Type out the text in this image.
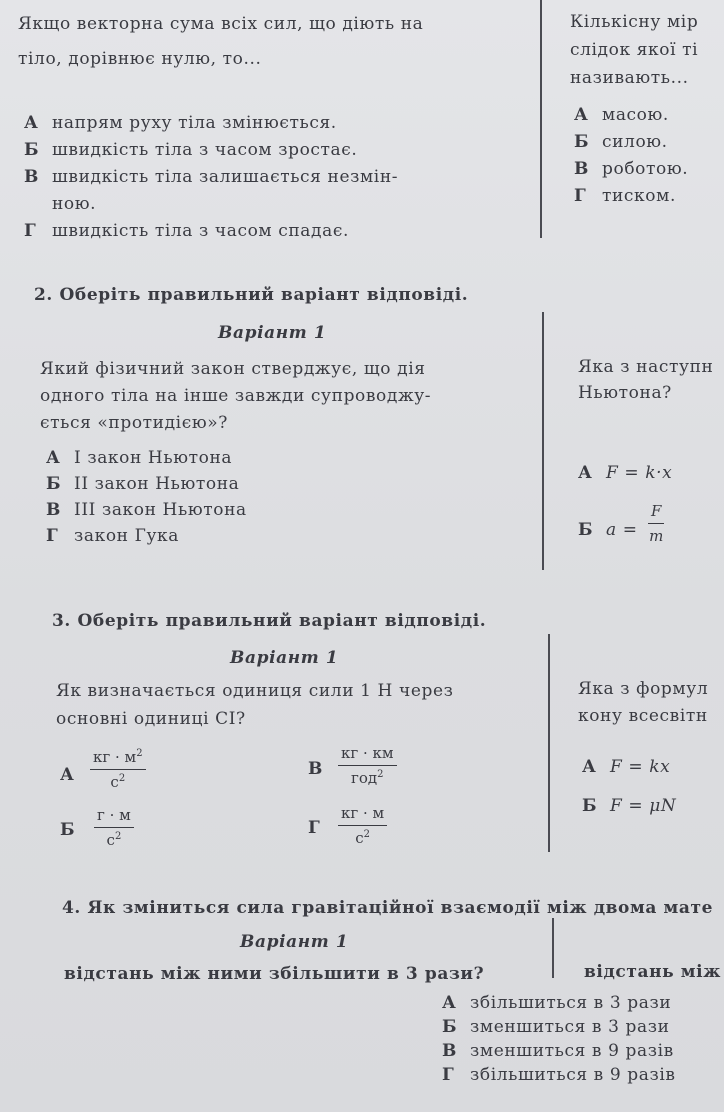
Якщо векторна сума всіх сил, що діють на
тіло, дорівнює нулю, то...
А напрям руху тіла змінюється.
Б швидкість тіла з часом зростає.
В швидкість тіла залишається незмін-
ною.
Г швидкість тіла з часом спадає.
Кількісну мір
слідок якої ті
називають...
А масою.
Б силою.
В роботою.
Г тиском.
2. Оберіть правильний варіант відповіді.
Варіант 1
Який фізичний закон стверджує, що дія
одного тіла на інше завжди супроводжу-
ється «протидією»?
А І закон Ньютона
Б ІІ закон Ньютона
В ІІІ закон Ньютона
Г закон Гука
Яка з наступн
Ньютона?
А F = k·x
Б $a = \frac{F}{m}$
3. Оберіть правильний варіант відповіді.
Варіант 1
Як визначається одиниця сили 1 Н через
основні одиниці СІ?
А
кг · $м^2$
$с^2$
Б
г · м
$с^2$
В
кг · км
год$^2$
Г
кг · м
$с^2$
Яка з формул
кону всесвітн
А F = kx
Б F = μN
4. Як зміниться сила гравітаційної взаємодії між двома мате
Варіант 1
відстань між ними збільшити в 3 рази?	відстань між
А збільшиться в 3 рази
Б зменшиться в 3 рази
В зменшиться в 9 разів
Г збільшиться в 9 разів
